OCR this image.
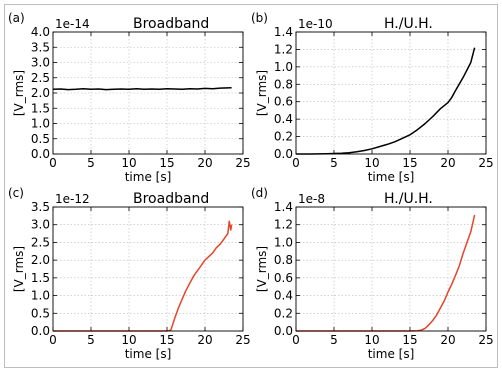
0	5 10 15 20 25
0.0
0.5
1.0
1.5
2.0
2.5
3.0
3.5
4.0
time [s]
[V_rms]
(a)	1e-14	Broadband
0	5 10 15 20 25
0.0
0.2
0.4
0.6
0.8
1.0
1.2
1.4
time [s]
[V_rms]
(b)	1e-10	H./U.H.
0	5 10 15 20 25
0.0
0.5
1.0
1.5
2.0
2.5
3.0
3.5
time [s]
[V_rms]
(c)	1e-12	Broadband
0	5 10 15 20 25
0.0
0.2
0.4
0.6
0.8
1.0
1.2
1.4
time [s]
[V_rms]
(d)	1e-8	H./U.H.
